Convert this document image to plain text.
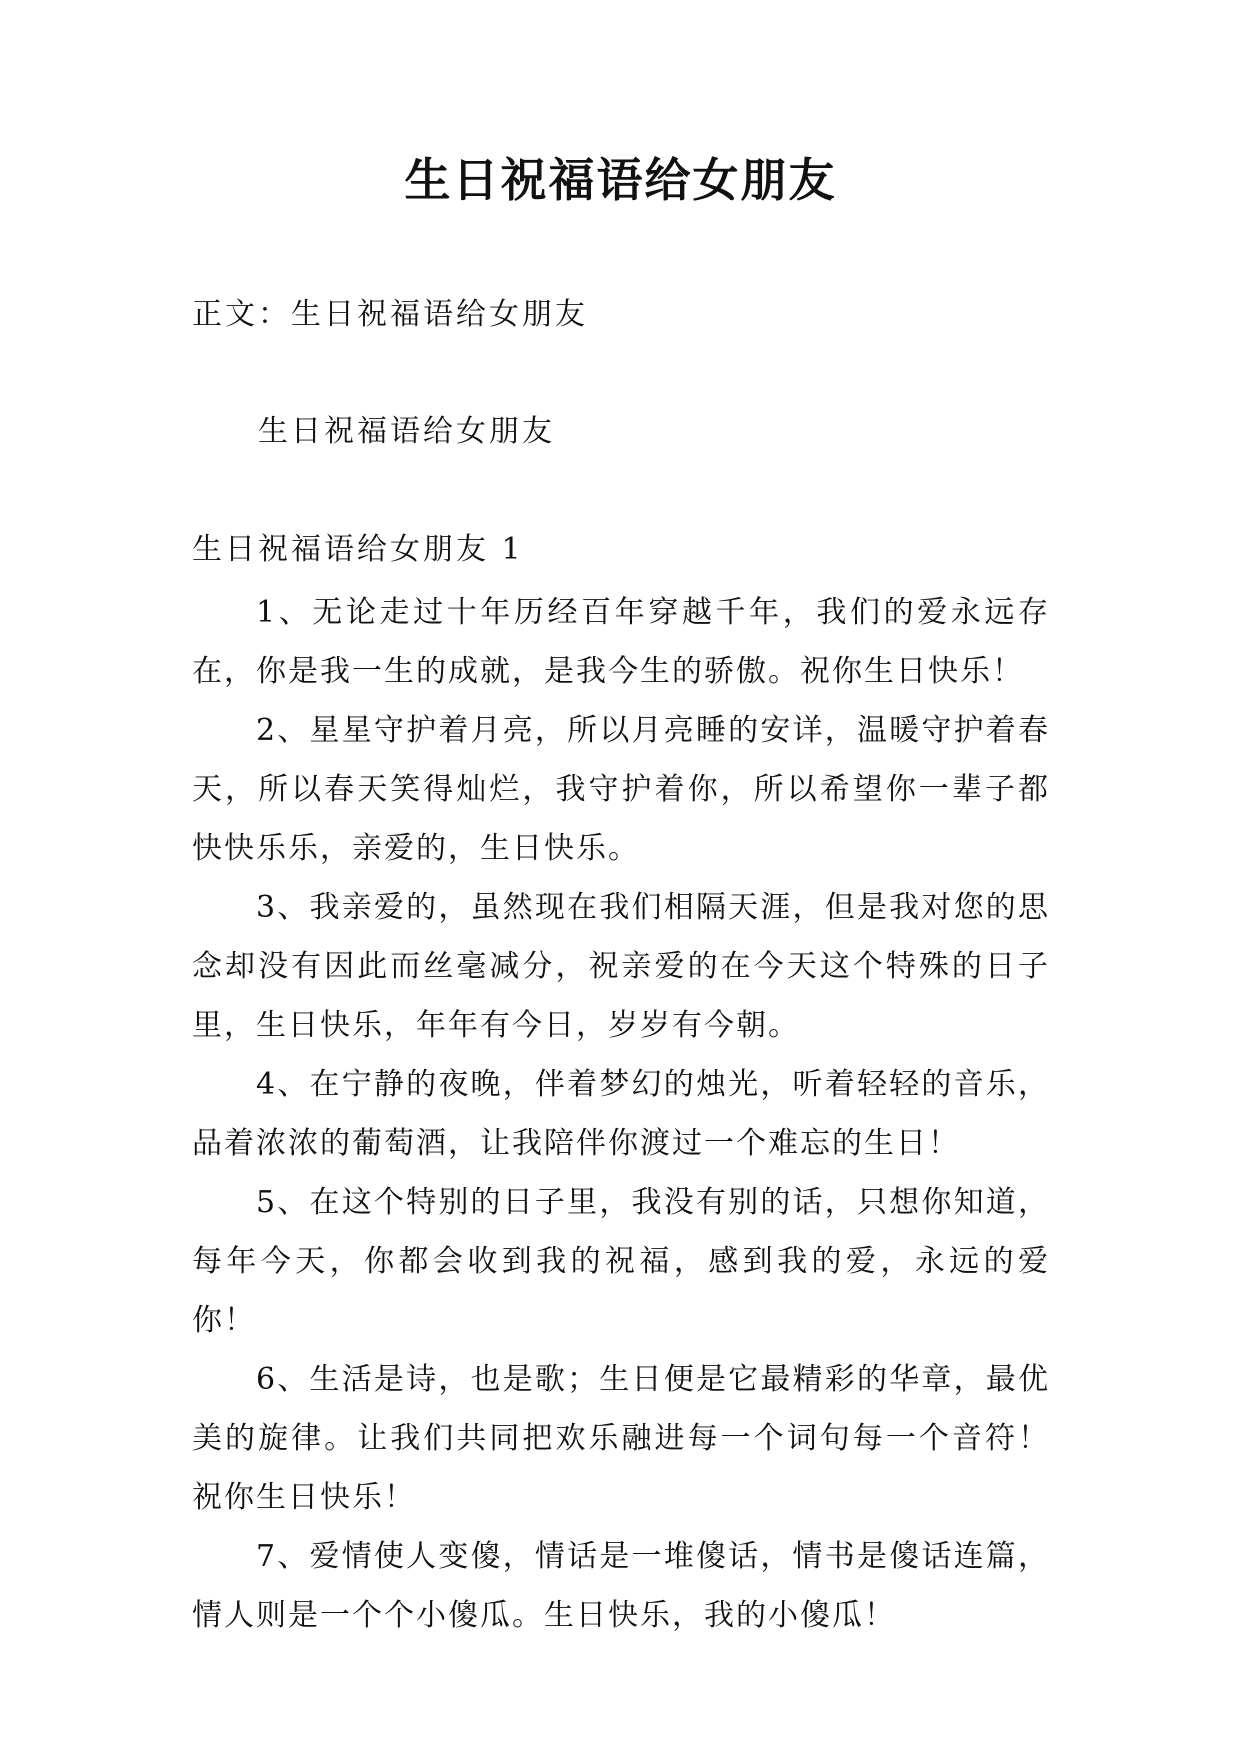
生日祝福语给女朋友
正文：生日祝福语给女朋友
生日祝福语给女朋友
生日祝福语给女朋友 1

1、无论走过十年历经百年穿越千年，我们的爱永远存在，你是我一生的成就，是我今生的骄傲。祝你生日快乐！

2、星星守护着月亮，所以月亮睡的安详，温暖守护着春天，所以春天笑得灿烂，我守护着你，所以希望你一辈子都快快乐乐，亲爱的，生日快乐。

3、我亲爱的，虽然现在我们相隔天涯，但是我对您的思念却没有因此而丝毫减分，祝亲爱的在今天这个特殊的日子里，生日快乐，年年有今日，岁岁有今朝。

4、在宁静的夜晚，伴着梦幻的烛光，听着轻轻的音乐，品着浓浓的葡萄酒，让我陪伴你渡过一个难忘的生日！

5、在这个特别的日子里，我没有别的话，只想你知道，每年今天，你都会收到我的祝福，感到我的爱，永远的爱你！

6、生活是诗，也是歌；生日便是它最精彩的华章，最优美的旋律。让我们共同把欢乐融进每一个词句每一个音符！祝你生日快乐！

7、爱情使人变傻，情话是一堆傻话，情书是傻话连篇，情人则是一个个小傻瓜。生日快乐，我的小傻瓜！
